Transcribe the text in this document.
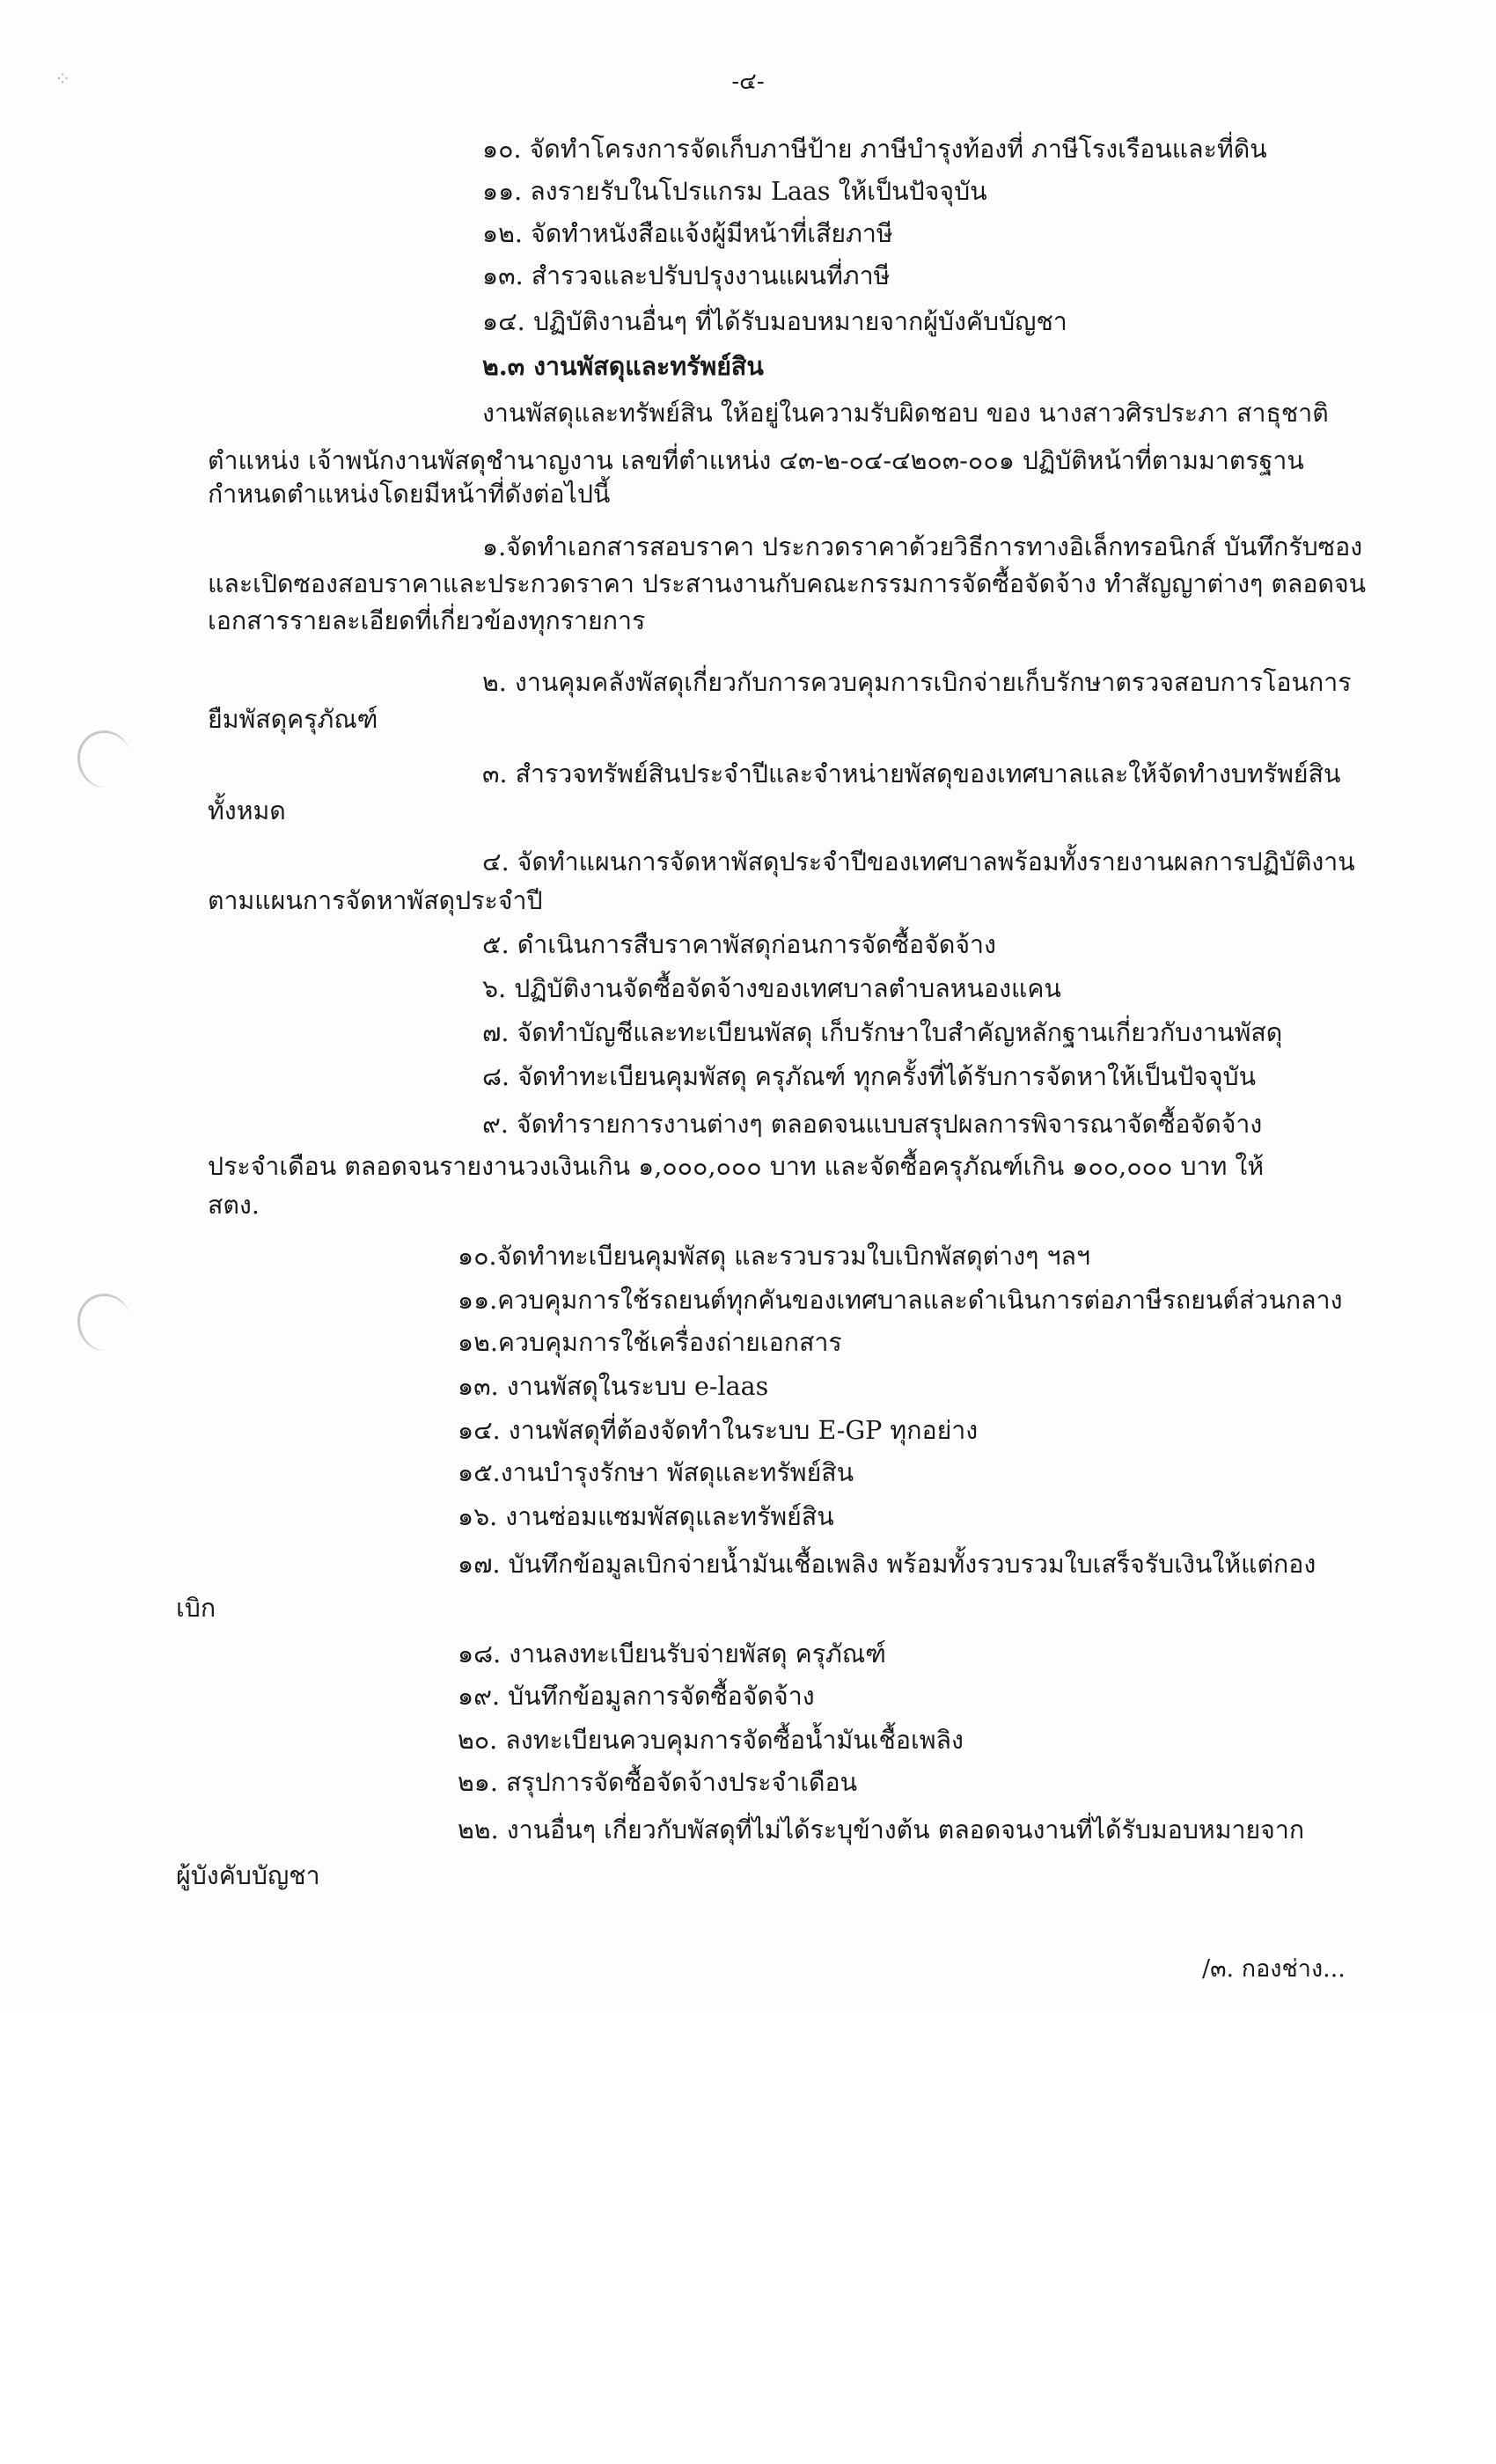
⁘	-๔-
๑๐. จัดทำโครงการจัดเก็บภาษีป้าย ภาษีบำรุงท้องที่ ภาษีโรงเรือนและที่ดิน
๑๑. ลงรายรับในโปรแกรม Laas ให้เป็นปัจจุบัน
๑๒. จัดทำหนังสือแจ้งผู้มีหน้าที่เสียภาษี
๑๓. สำรวจและปรับปรุงงานแผนที่ภาษี
๑๔. ปฏิบัติงานอื่นๆ ที่ได้รับมอบหมายจากผู้บังคับบัญชา
๒.๓ งานพัสดุและทรัพย์สิน
งานพัสดุและทรัพย์สิน ให้อยู่ในความรับผิดชอบ ของ นางสาวศิรประภา สาธุชาติ
ตำแหน่ง เจ้าพนักงานพัสดุชำนาญงาน เลขที่ตำแหน่ง ๔๓-๒-๐๔-๔๒๐๓-๐๐๑ ปฏิบัติหน้าที่ตามมาตรฐาน
กำหนดตำแหน่งโดยมีหน้าที่ดังต่อไปนี้
๑.จัดทำเอกสารสอบราคา ประกวดราคาด้วยวิธีการทางอิเล็กทรอนิกส์ บันทึกรับซอง
และเปิดซองสอบราคาและประกวดราคา ประสานงานกับคณะกรรมการจัดซื้อจัดจ้าง ทำสัญญาต่างๆ ตลอดจน
เอกสารรายละเอียดที่เกี่ยวข้องทุกรายการ
๒. งานคุมคลังพัสดุเกี่ยวกับการควบคุมการเบิกจ่ายเก็บรักษาตรวจสอบการโอนการ
ยืมพัสดุครุภัณฑ์
๓. สำรวจทรัพย์สินประจำปีและจำหน่ายพัสดุของเทศบาลและให้จัดทำงบทรัพย์สิน
ทั้งหมด
๔. จัดทำแผนการจัดหาพัสดุประจำปีของเทศบาลพร้อมทั้งรายงานผลการปฏิบัติงาน
ตามแผนการจัดหาพัสดุประจำปี
๕. ดำเนินการสืบราคาพัสดุก่อนการจัดซื้อจัดจ้าง
๖. ปฏิบัติงานจัดซื้อจัดจ้างของเทศบาลตำบลหนองแคน
๗. จัดทำบัญชีและทะเบียนพัสดุ เก็บรักษาใบสำคัญหลักฐานเกี่ยวกับงานพัสดุ
๘. จัดทำทะเบียนคุมพัสดุ ครุภัณฑ์ ทุกครั้งที่ได้รับการจัดหาให้เป็นปัจจุบัน
๙. จัดทำรายการงานต่างๆ ตลอดจนแบบสรุปผลการพิจารณาจัดซื้อจัดจ้าง
ประจำเดือน ตลอดจนรายงานวงเงินเกิน ๑,๐๐๐,๐๐๐ บาท และจัดซื้อครุภัณฑ์เกิน ๑๐๐,๐๐๐ บาท ให้
สตง.
๑๐.จัดทำทะเบียนคุมพัสดุ และรวบรวมใบเบิกพัสดุต่างๆ ฯลฯ
๑๑.ควบคุมการใช้รถยนต์ทุกคันของเทศบาลและดำเนินการต่อภาษีรถยนต์ส่วนกลาง
๑๒.ควบคุมการใช้เครื่องถ่ายเอกสาร
๑๓. งานพัสดุในระบบ e-laas
๑๔. งานพัสดุที่ต้องจัดทำในระบบ E-GP ทุกอย่าง
๑๕.งานบำรุงรักษา พัสดุและทรัพย์สิน
๑๖. งานซ่อมแซมพัสดุและทรัพย์สิน
๑๗. บันทึกข้อมูลเบิกจ่ายน้ำมันเชื้อเพลิง พร้อมทั้งรวบรวมใบเสร็จรับเงินให้แต่กอง
เบิก
๑๘. งานลงทะเบียนรับจ่ายพัสดุ ครุภัณฑ์
๑๙. บันทึกข้อมูลการจัดซื้อจัดจ้าง
๒๐. ลงทะเบียนควบคุมการจัดซื้อน้ำมันเชื้อเพลิง
๒๑. สรุปการจัดซื้อจัดจ้างประจำเดือน
๒๒. งานอื่นๆ เกี่ยวกับพัสดุที่ไม่ได้ระบุข้างต้น ตลอดจนงานที่ได้รับมอบหมายจาก
ผู้บังคับบัญชา
/๓. กองช่าง...
